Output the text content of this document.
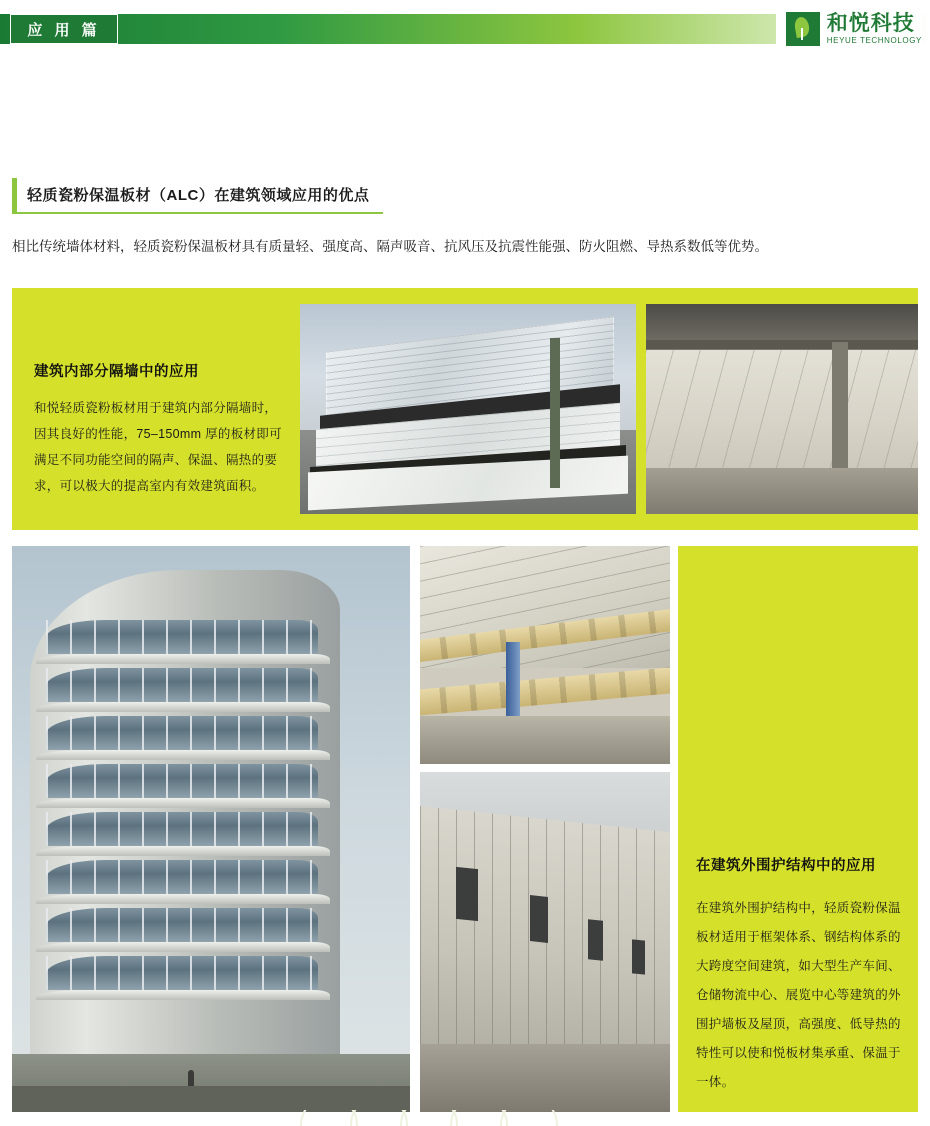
应 用 篇	和悦科技
HEYUE TECHNOLOGY
轻质瓷粉保温板材（ALC）在建筑领域应用的优点
相比传统墙体材料，轻质瓷粉保温板材具有质量轻、强度高、隔声吸音、抗风压及抗震性能强、防火阻燃、导热系数低等优势。
建筑内部分隔墙中的应用
和悦轻质瓷粉板材用于建筑内部分隔墙时，因其良好的性能，75–150mm 厚的板材即可满足不同功能空间的隔声、保温、隔热的要求，可以极大的提高室内有效建筑面积。
在建筑外围护结构中的应用
在建筑外围护结构中，轻质瓷粉保温板材适用于框架体系、钢结构体系的大跨度空间建筑，如大型生产车间、仓储物流中心、展览中心等建筑的外围护墙板及屋顶，高强度、低导热的特性可以使和悦板材集承重、保温于一体。
